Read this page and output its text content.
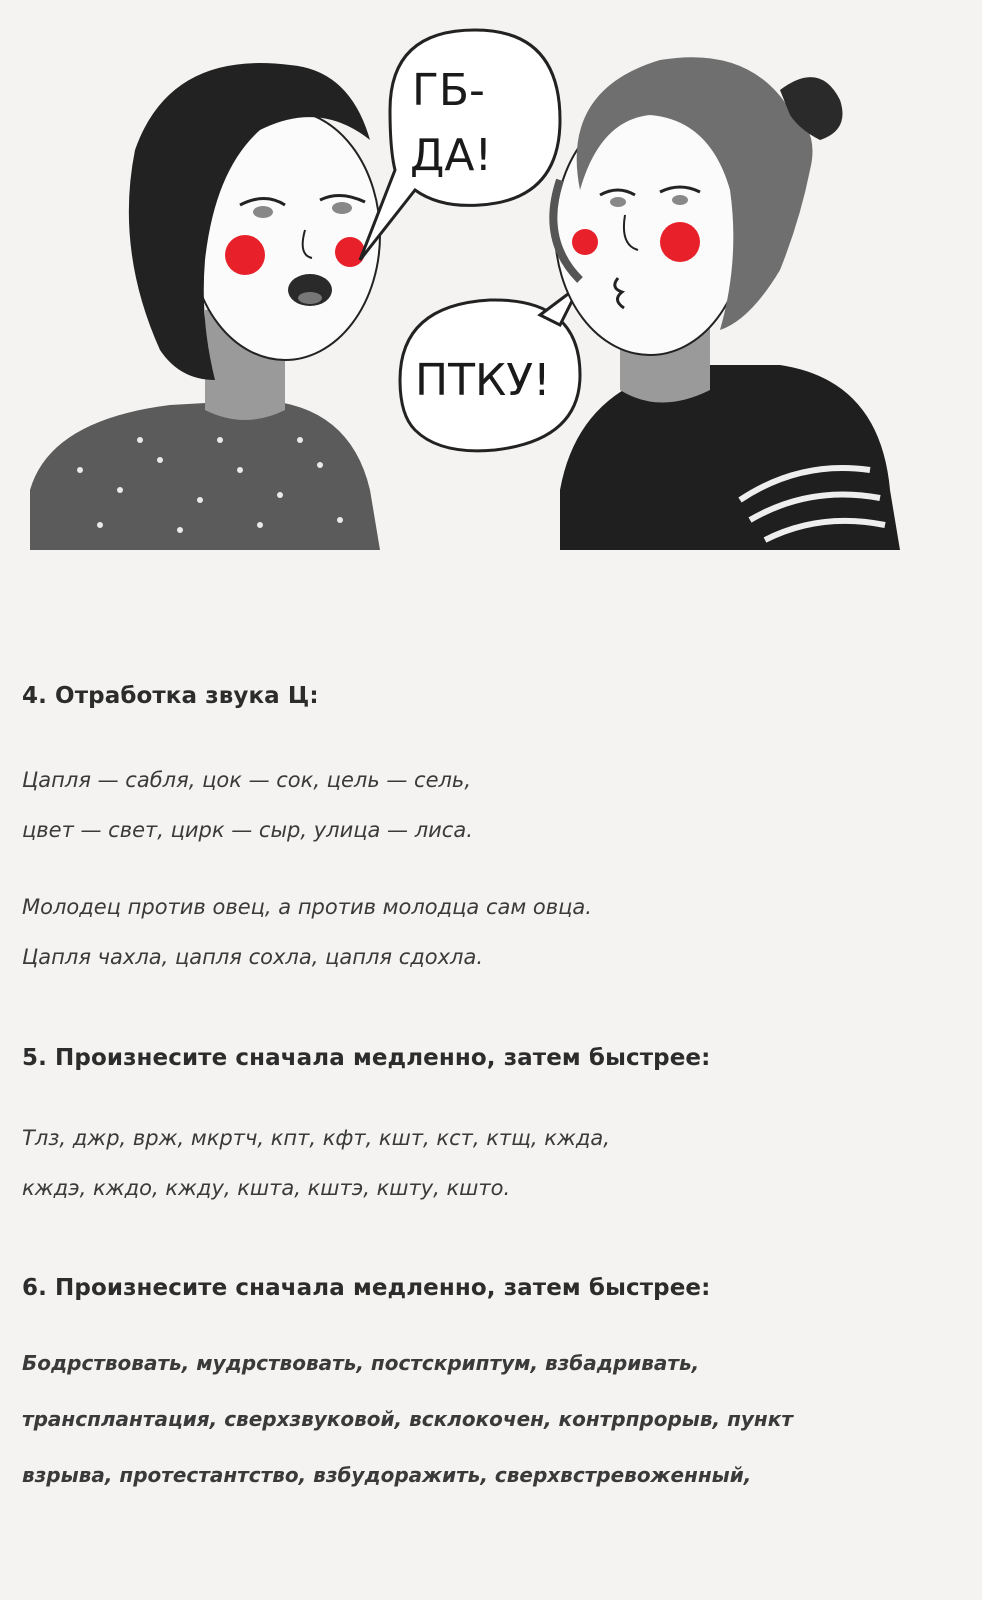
ГБ-
ДА!
ПТКУ!
4. Отработка звука Ц:

Цапля — сабля, цок — сок, цель — сель,

цвет — свет, цирк — сыр, улица — лиса.

Молодец против овец, а против молодца сам овца.

Цапля чахла, цапля сохла, цапля сдохла.

5. Произнесите сначала медленно, затем быстрее:

Тлз, джр, врж, мкртч, кпт, кфт, кшт, кст, ктщ, кжда,

кждэ, кждо, кжду, кшта, кштэ, кшту, кшто.

6. Произнесите сначала медленно, затем быстрее:

Бодрствовать, мудрствовать, постскриптум, взбадривать,

трансплантация, сверхзвуковой, всклокочен, контрпрорыв, пункт

взрыва, протестантство, взбудоражить, сверхвстревоженный,
